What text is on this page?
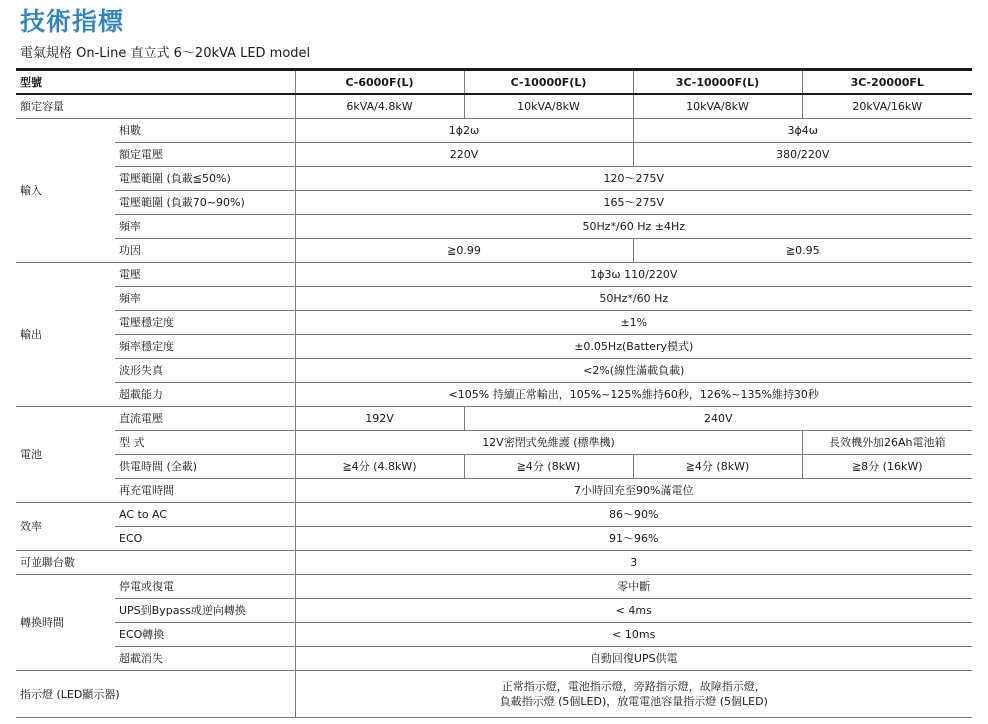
技術指標
電氣規格 On-Line 直立式 6～20kVA LED model
型號		C-6000F(L)	C-10000F(L)	3C-10000F(L)	3C-20000FL
額定容量		6kVA/4.8kW	10kVA/8kW	10kVA/8kW	20kVA/16kW
輸入	相數	1ϕ2ω		3ϕ4ω	
	額定電壓	220V		380/220V	
	電壓範圍 (負載≦50%)	120～275V			
	電壓範圍 (負載70~90%)	165～275V			
	頻率	50Hz*/60 Hz ±4Hz			
	功因	≧0.99		≧0.95	
輸出	電壓	1ϕ3ω 110/220V			
	頻率	50Hz*/60 Hz			
	電壓穩定度	±1%			
	頻率穩定度	±0.05Hz(Battery模式)			
	波形失真	<2%(線性滿載負載)			
	超載能力	<105% 持續正常輸出，105%~125%維持60秒，126%~135%維持30秒			
電池	直流電壓	192V	240V		
	型 式	12V密閉式免維護 (標準機)			長效機外加26Ah電池箱
	供電時間 (全載)	≧4分 (4.8kW)	≧4分 (8kW)	≧4分 (8kW)	≧8分 (16kW)
	再充電時間	7小時回充至90%滿電位			
效率	AC to AC	86～90%			
	ECO	91～96%			
可並聯台數		3			
轉換時間	停電或復電	零中斷			
	UPS到Bypass或逆向轉換	< 4ms			
	ECO轉換	< 10ms			
	超載消失	自動回復UPS供電			
指示燈 (LED顯示器)		正常指示燈，電池指示燈，旁路指示燈，故障指示燈，
負載指示燈 (5個LED)，放電電池容量指示燈 (5個LED)			
